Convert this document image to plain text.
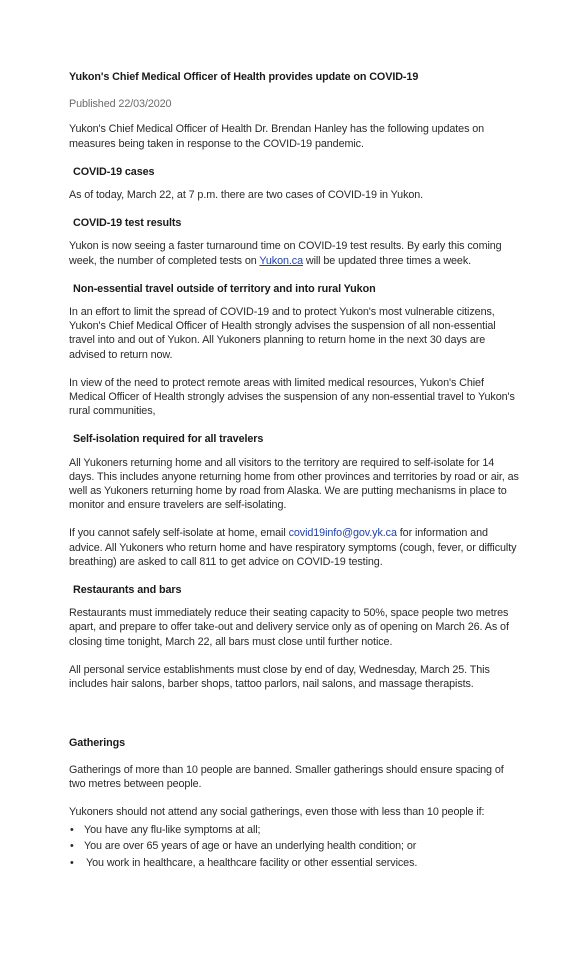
Yukon's Chief Medical Officer of Health provides update on COVID-19
Published 22/03/2020

Yukon's Chief Medical Officer of Health Dr. Brendan Hanley has the following updates on measures being taken in response to the COVID-19 pandemic.

COVID-19 cases

As of today, March 22, at 7 p.m. there are two cases of COVID-19 in Yukon.

COVID-19 test results

Yukon is now seeing a faster turnaround time on COVID-19 test results. By early this coming week, the number of completed tests on Yukon.ca will be updated three times a week.

Non-essential travel outside of territory and into rural Yukon

In an effort to limit the spread of COVID-19 and to protect Yukon's most vulnerable citizens, Yukon's Chief Medical Officer of Health strongly advises the suspension of all non-essential travel into and out of Yukon. All Yukoners planning to return home in the next 30 days are advised to return now.

In view of the need to protect remote areas with limited medical resources, Yukon's Chief Medical Officer of Health strongly advises the suspension of any non-essential travel to Yukon's rural communities,

Self-isolation required for all travelers

All Yukoners returning home and all visitors to the territory are required to self-isolate for 14 days. This includes anyone returning home from other provinces and territories by road or air, as well as Yukoners returning home by road from Alaska. We are putting mechanisms in place to monitor and ensure travelers are self-isolating.

If you cannot safely self-isolate at home, email covid19info@gov.yk.ca for information and advice. All Yukoners who return home and have respiratory symptoms (cough, fever, or difficulty breathing) are asked to call 811 to get advice on COVID-19 testing.

Restaurants and bars

Restaurants must immediately reduce their seating capacity to 50%, space people two metres apart, and prepare to offer take-out and delivery service only as of opening on March 26. As of closing time tonight, March 22, all bars must close until further notice.

All personal service establishments must close by end of day, Wednesday, March 25. This includes hair salons, barber shops, tattoo parlors, nail salons, and massage therapists.

Gatherings

Gatherings of more than 10 people are banned. Smaller gatherings should ensure spacing of two metres between people.

Yukoners should not attend any social gatherings, even those with less than 10 people if:

• You have any flu-like symptoms at all;
• You are over 65 years of age or have an underlying health condition; or
• You work in healthcare, a healthcare facility or other essential services.
